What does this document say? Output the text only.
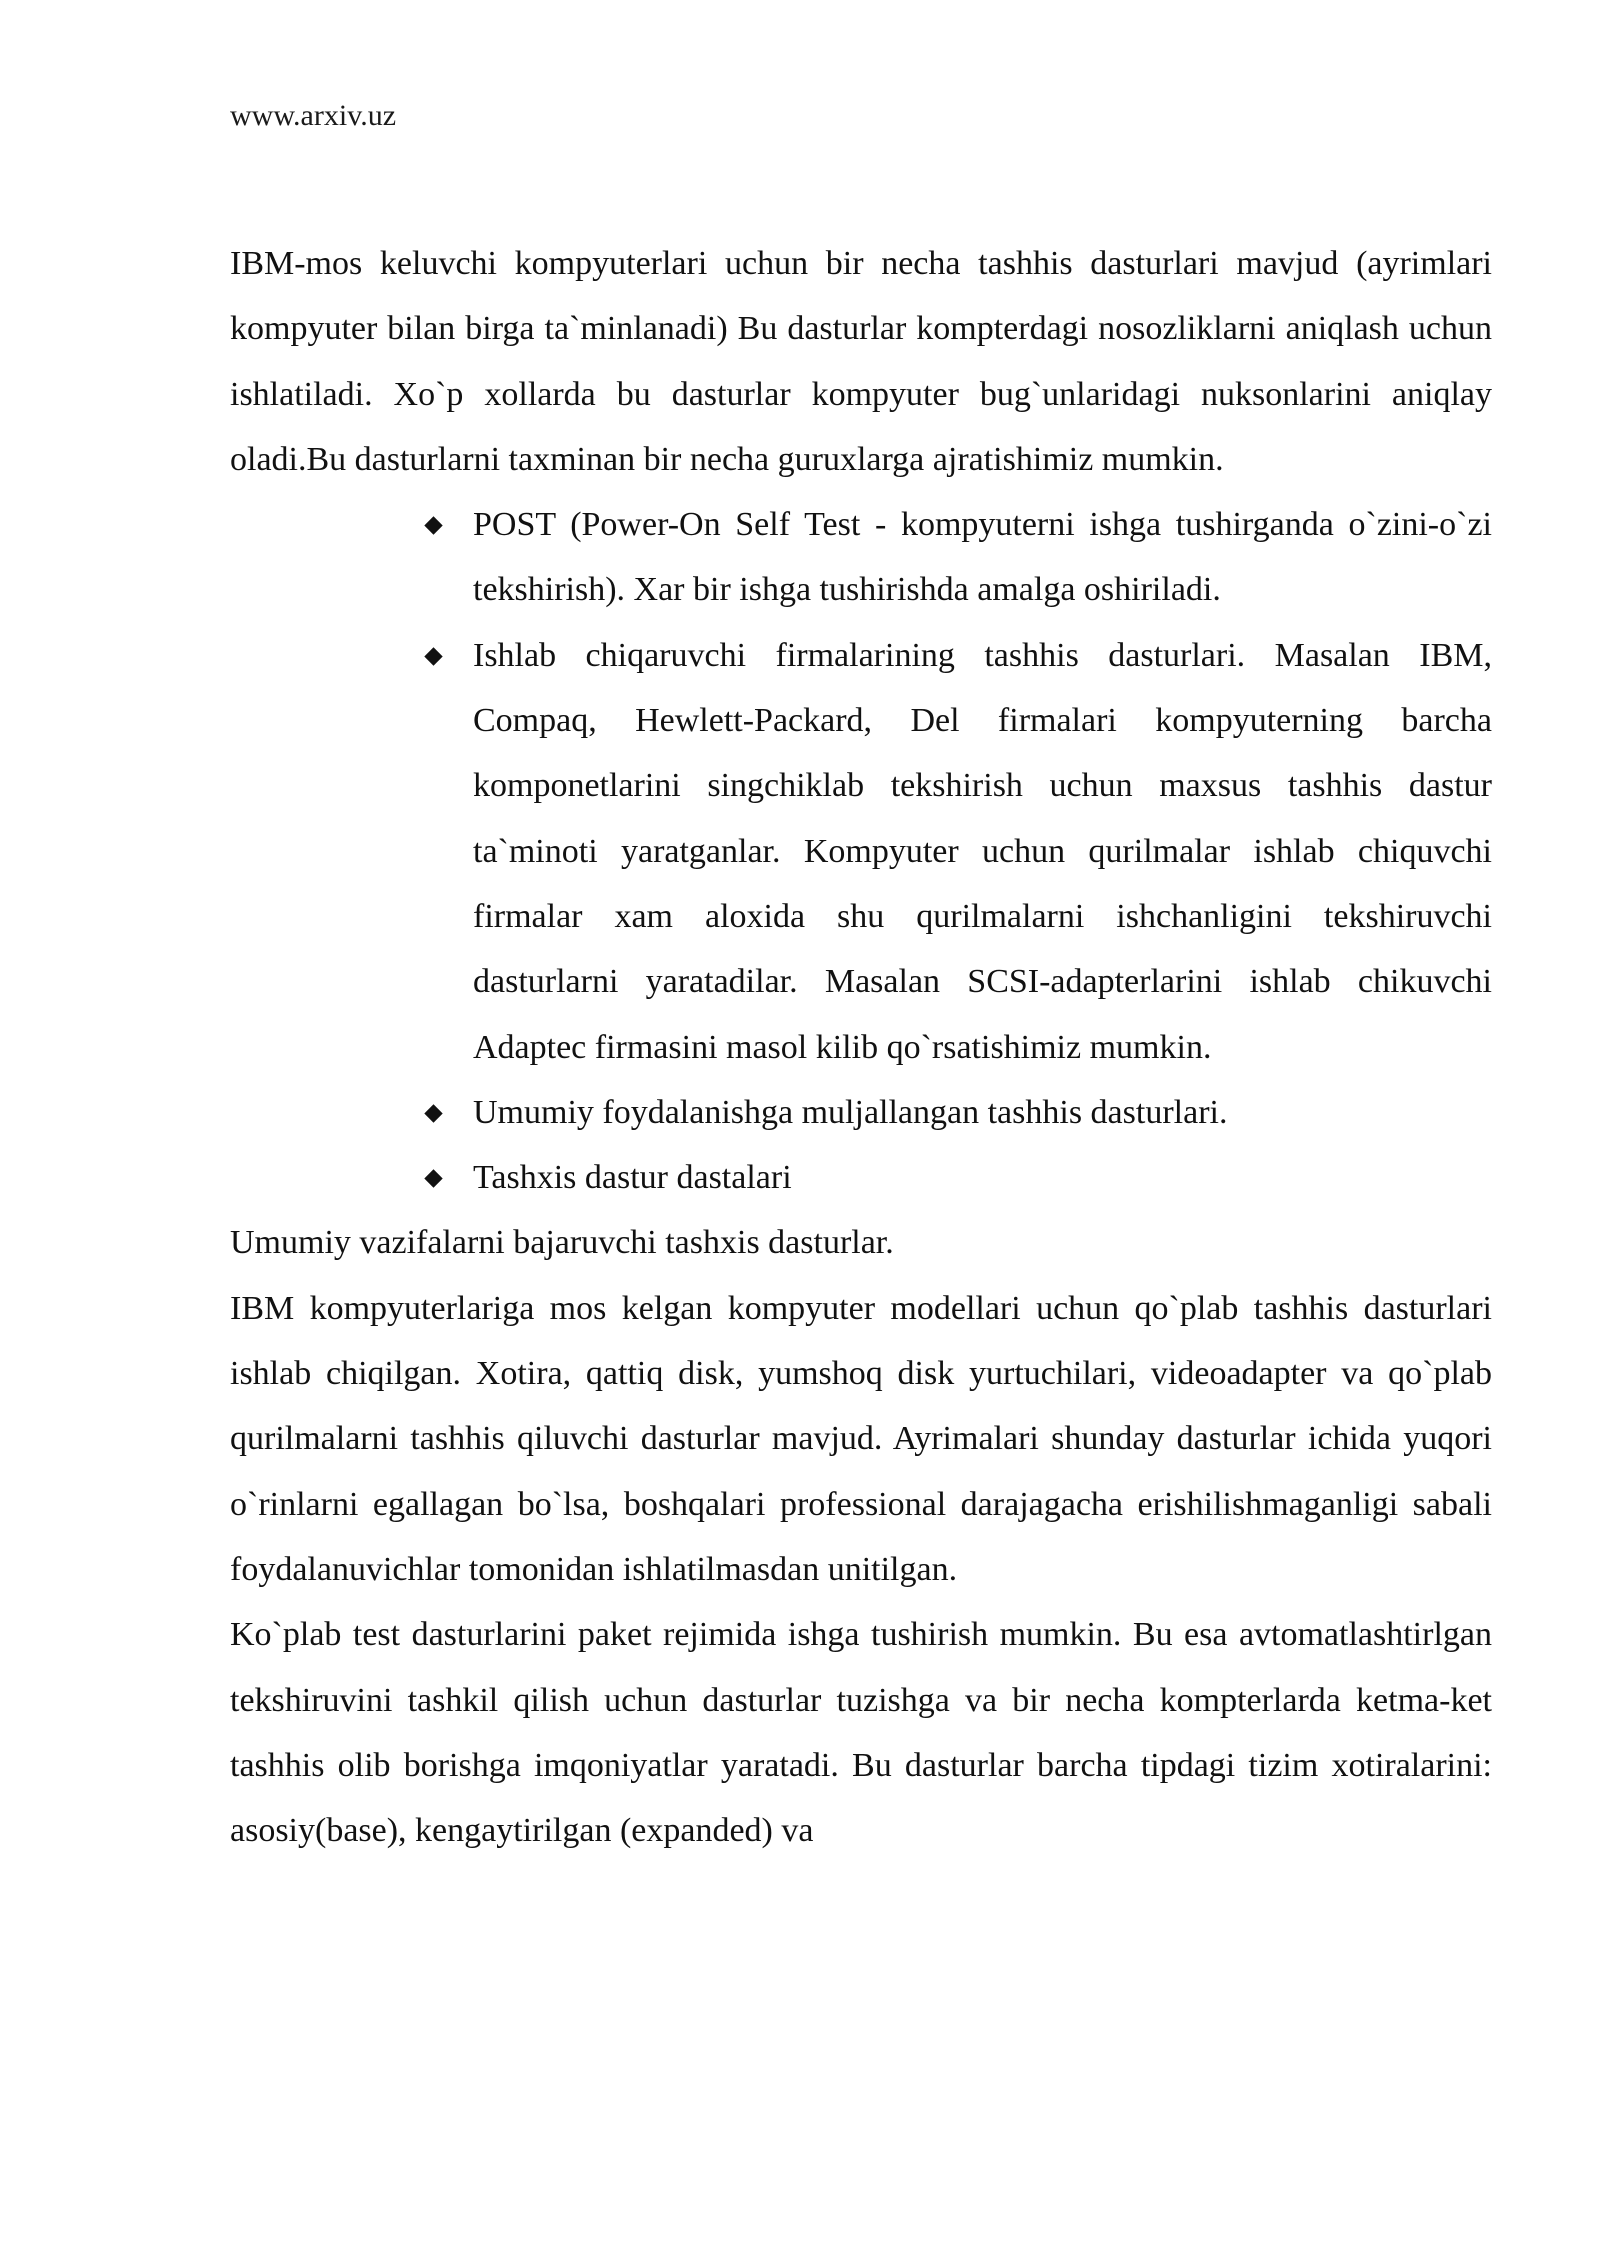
www.arxiv.uz

IBM-mos keluvchi kompyuterlari uchun bir necha tashhis dasturlari mavjud (ayrimlari kompyuter bilan birga ta`minlanadi) Bu dasturlar kompterdagi nosozliklarni aniqlash uchun ishlatiladi. Xo`p xollarda bu dasturlar kompyuter bug`unlaridagi nuksonlarini aniqlay oladi.Bu dasturlarni taxminan bir necha guruxlarga ajratishimiz mumkin.

POST (Power-On Self Test - kompyuterni ishga tushirganda o`zini-o`zi tekshirish). Xar bir ishga tushirishda amalga oshiriladi.
Ishlab chiqaruvchi firmalarining tashhis dasturlari. Masalan IBM, Compaq, Hewlett-Packard, Del firmalari kompyuterning barcha komponetlarini singchiklab tekshirish uchun maxsus tashhis dastur ta`minoti yaratganlar. Kompyuter uchun qurilmalar ishlab chiquvchi firmalar xam aloxida shu qurilmalarni ishchanligini tekshiruvchi dasturlarni yaratadilar. Masalan SCSI-adapterlarini ishlab chikuvchi Adaptec firmasini masol kilib qo`rsatishimiz mumkin.
Umumiy foydalanishga muljallangan tashhis dasturlari.
Tashxis dastur dastalari

Umumiy vazifalarni bajaruvchi tashxis dasturlar.

IBM kompyuterlariga mos kelgan kompyuter modellari uchun qo`plab tashhis dasturlari ishlab chiqilgan. Xotira, qattiq disk, yumshoq disk yurtuchilari, videoadapter va qo`plab qurilmalarni tashhis qiluvchi dasturlar mavjud. Ayrimalari shunday dasturlar ichida yuqori o`rinlarni egallagan bo`lsa, boshqalari professional darajagacha erishilishmaganligi sabali foydalanuvichlar tomonidan ishlatilmasdan unitilgan.

Ko`plab test dasturlarini paket rejimida ishga tushirish mumkin. Bu esa avtomatlashtirlgan tekshiruvini tashkil qilish uchun dasturlar tuzishga va bir necha kompterlarda ketma-ket tashhis olib borishga imqoniyatlar yaratadi. Bu dasturlar barcha tipdagi tizim xotiralarini: asosiy(base), kengaytirilgan (expanded) va
